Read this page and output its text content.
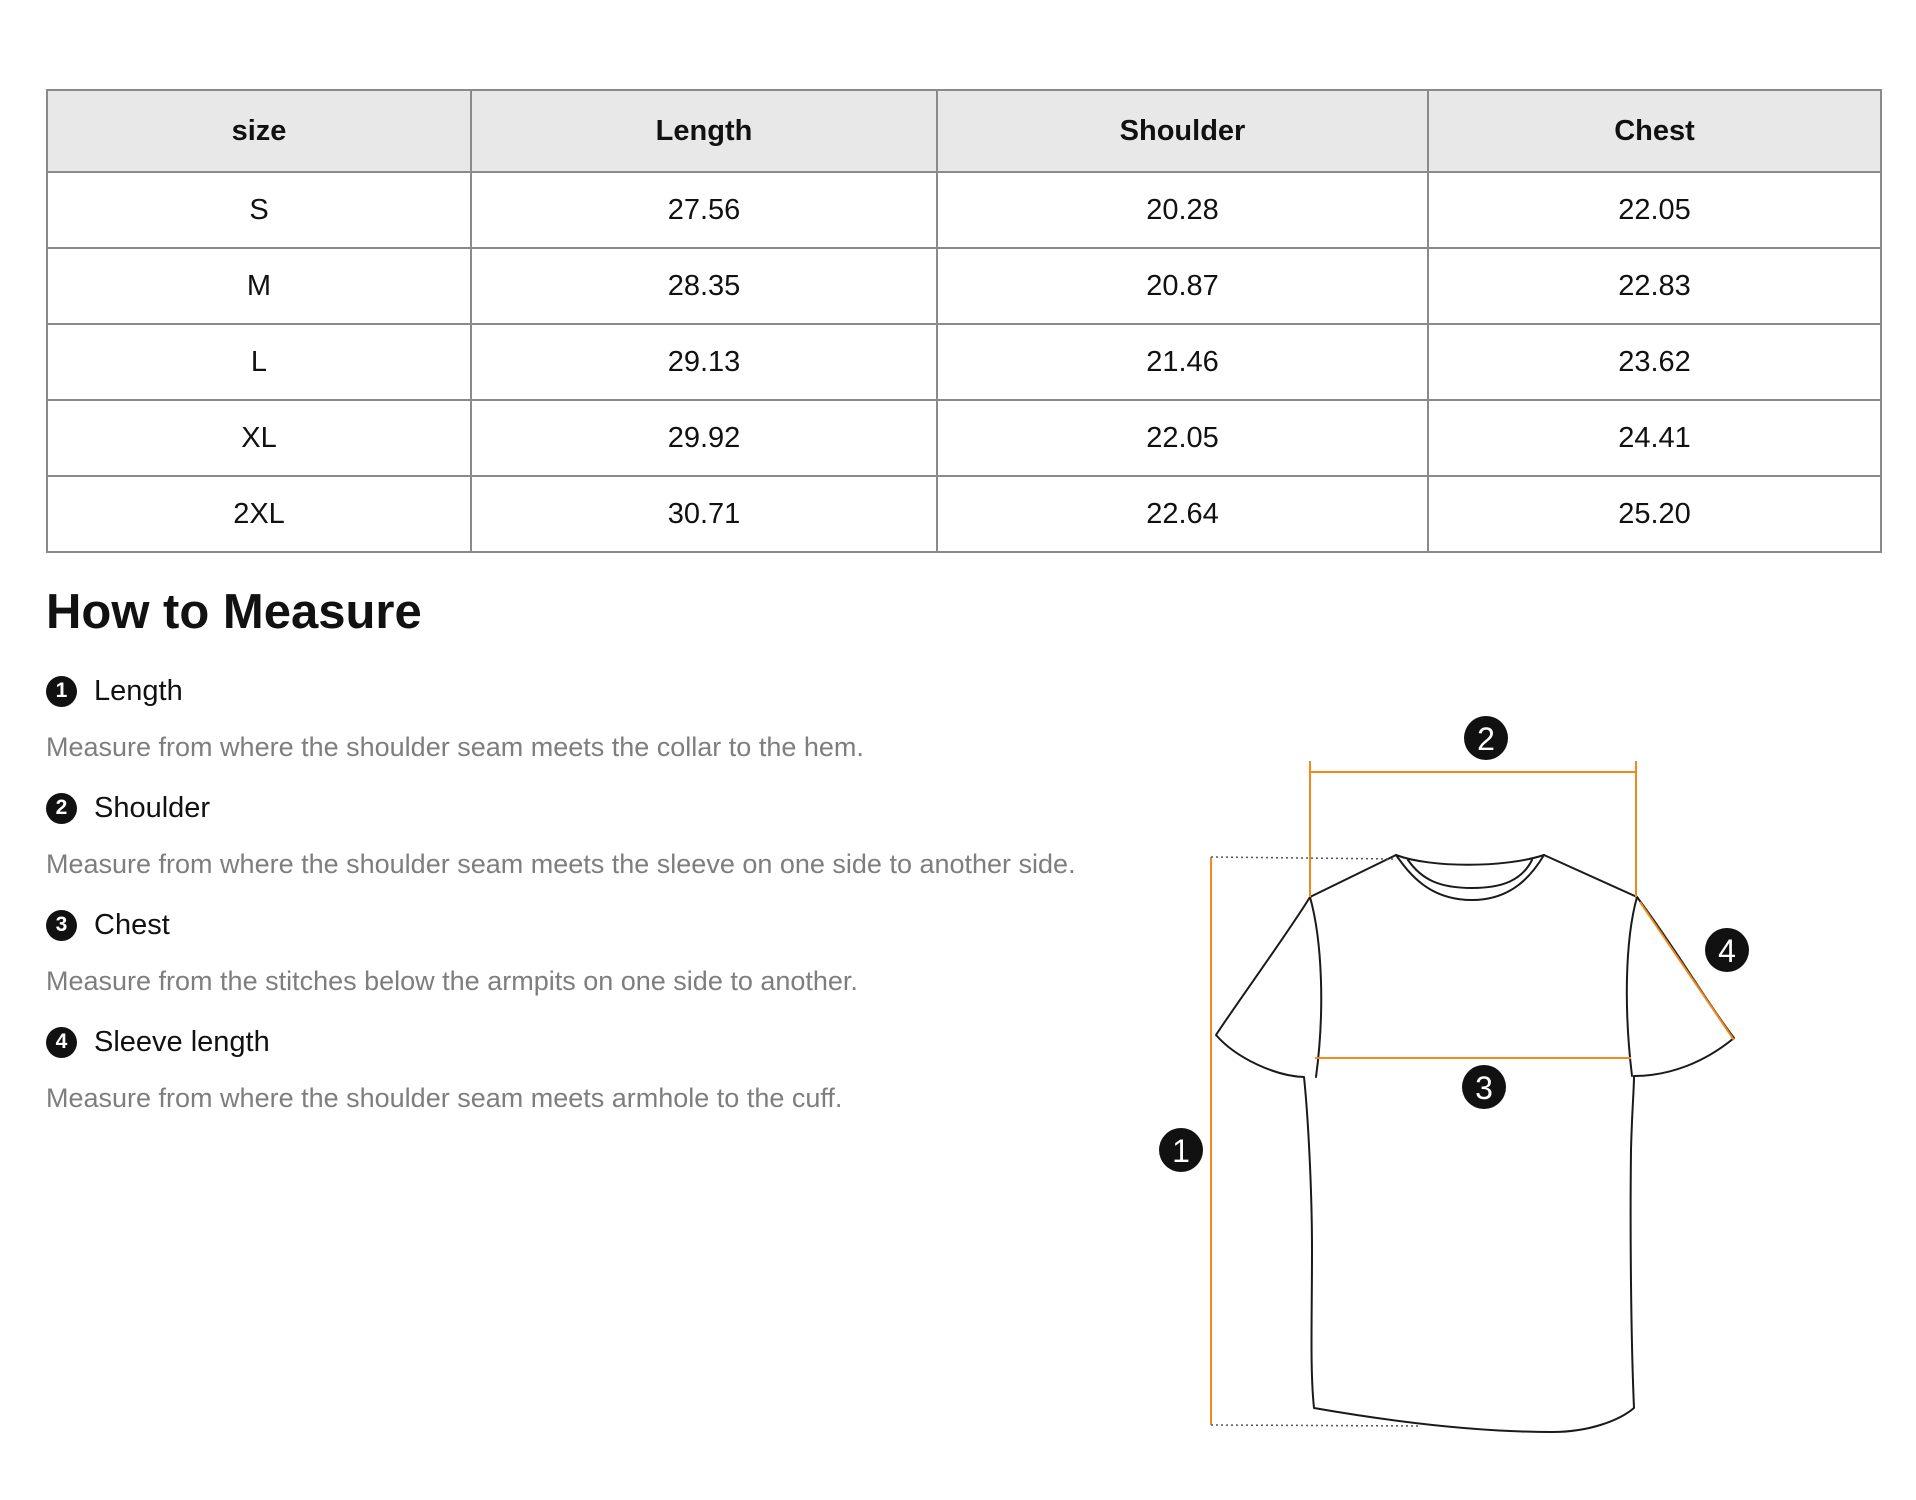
size	Length	Shoulder	Chest
S	27.56	20.28	22.05
M	28.35	20.87	22.83
L	29.13	21.46	23.62
XL	29.92	22.05	24.41
2XL	30.71	22.64	25.20
How to Measure
1 Length
Measure from where the shoulder seam meets the collar to the hem.
2 Shoulder
Measure from where the shoulder seam meets the sleeve on one side to another side.
3 Chest
Measure from the stitches below the armpits on one side to another.
4 Sleeve length
Measure from where the shoulder seam meets armhole to the cuff.
1
2
3
4
